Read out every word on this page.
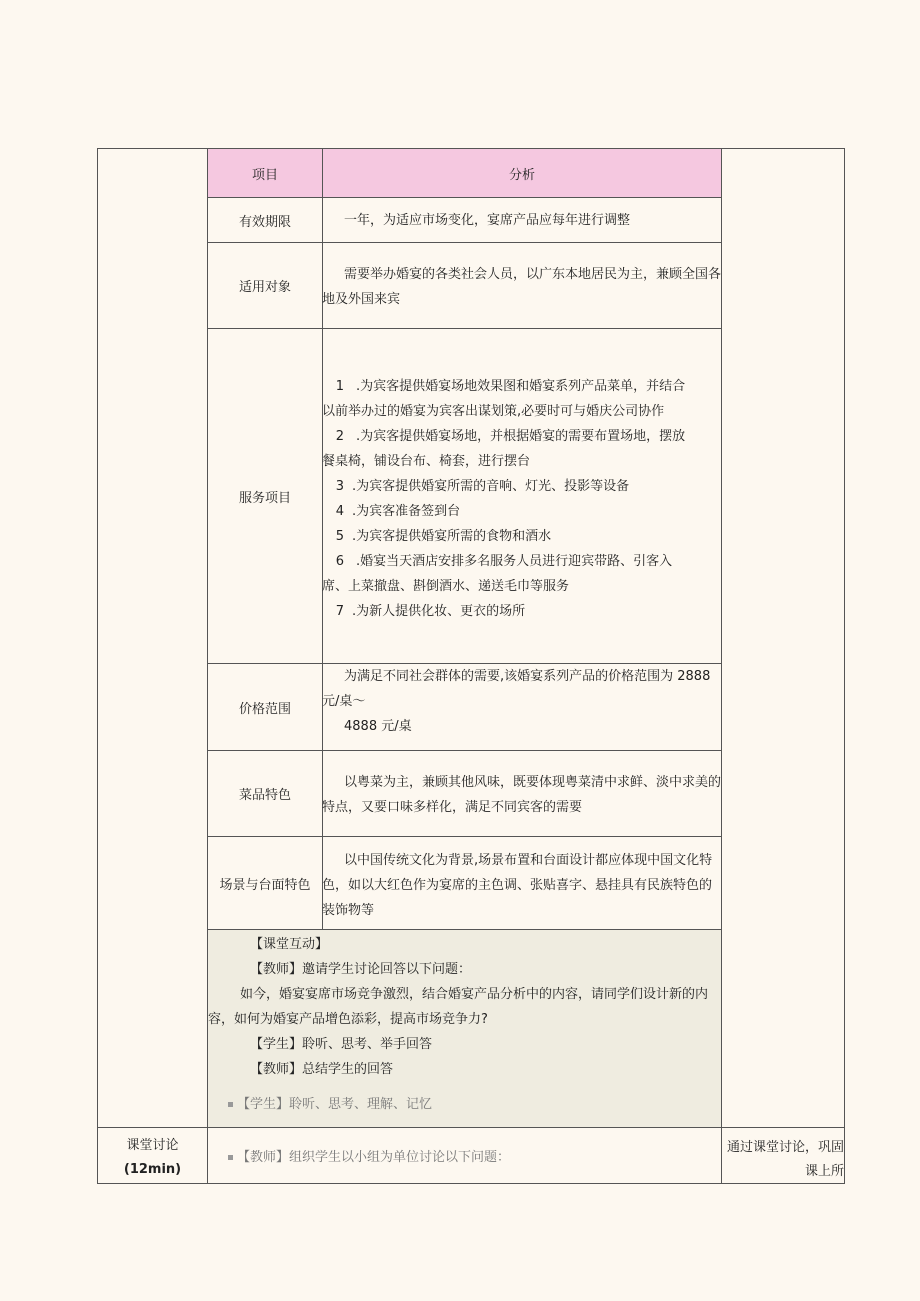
项目	分析
有效期限	一年，为适应市场变化，宴席产品应每年进行调整
适用对象
需要举办婚宴的各类社会人员，以广东本地居民为主，兼顾全国各地及外国来宾
服务项目
1 .为宾客提供婚宴场地效果图和婚宴系列产品菜单，并结合
以前举办过的婚宴为宾客出谋划策,必要时可与婚庆公司协作
2 .为宾客提供婚宴场地，并根据婚宴的需要布置场地，摆放
餐桌椅，铺设台布、椅套，进行摆台
3 .为宾客提供婚宴所需的音响、灯光、投影等设备
4 .为宾客准备签到台
5 .为宾客提供婚宴所需的食物和酒水
6 .婚宴当天酒店安排多名服务人员进行迎宾带路、引客入
席、上菜撤盘、斟倒酒水、递送毛巾等服务
7 .为新人提供化妆、更衣的场所
价格范围
为满足不同社会群体的需要,该婚宴系列产品的价格范围为 2888
元/桌〜
4888 元/桌
菜品特色
以粤菜为主，兼顾其他风味，既要体现粤菜清中求鲜、淡中求美的特点，又要口味多样化，满足不同宾客的需要
场景与台面特色
以中国传统文化为背景,场景布置和台面设计都应体现中国文化特色，如以大红色作为宴席的主色调、张贴喜字、悬挂具有民族特色的装饰物等
【课堂互动】
【教师】邀请学生讨论回答以下问题：
如今，婚宴宴席市场竞争激烈，结合婚宴产品分析中的内容，请同学们设计新的内容，如何为婚宴产品增色添彩，提高市场竞争力?
【学生】聆听、思考、举手回答
【教师】总结学生的回答
【学生】聆听、思考、理解、记忆
课堂讨论
(12min)
【教师】组织学生以小组为单位讨论以下问题：
通过课堂讨论，巩固
课上所
